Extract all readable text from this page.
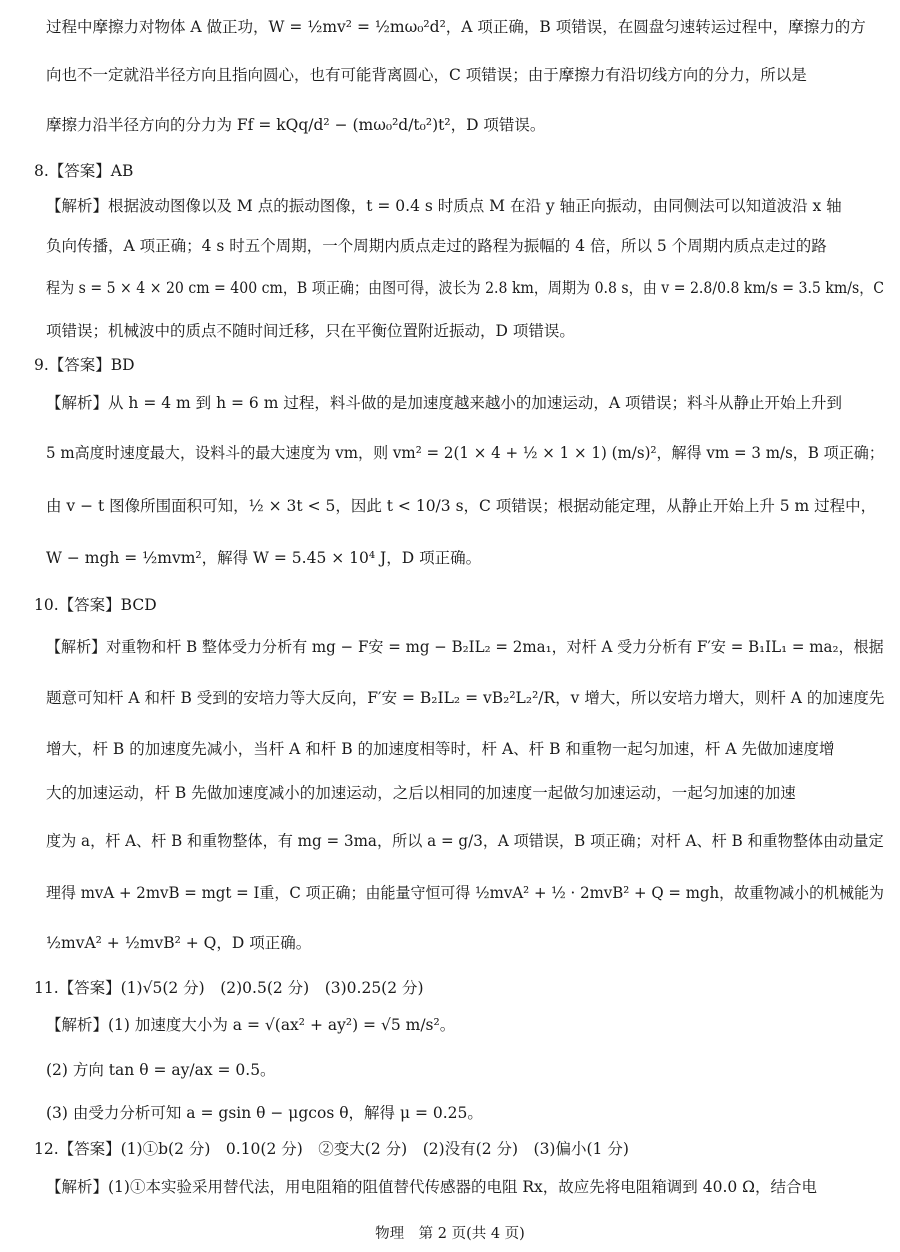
过程中摩擦力对物体 A 做正功，W = ½mv² = ½mω₀²d²，A 项正确，B 项错误，在圆盘匀速转运过程中，摩擦力的方
向也不一定就沿半径方向且指向圆心，也有可能背离圆心，C 项错误；由于摩擦力有沿切线方向的分力，所以是
摩擦力沿半径方向的分力为 Ff = kQq/d² − (mω₀²d/t₀²)t²，D 项错误。
8.【答案】AB
【解析】根据波动图像以及 M 点的振动图像，t = 0.4 s 时质点 M 在沿 y 轴正向振动，由同侧法可以知道波沿 x 轴
负向传播，A 项正确；4 s 时五个周期，一个周期内质点走过的路程为振幅的 4 倍，所以 5 个周期内质点走过的路
程为 s = 5 × 4 × 20 cm = 400 cm，B 项正确；由图可得，波长为 2.8 km，周期为 0.8 s，由 v = 2.8/0.8 km/s = 3.5 km/s，C
项错误；机械波中的质点不随时间迁移，只在平衡位置附近振动，D 项错误。
9.【答案】BD
【解析】从 h = 4 m 到 h = 6 m 过程，料斗做的是加速度越来越小的加速运动，A 项错误；料斗从静止开始上升到
5 m高度时速度最大，设料斗的最大速度为 vm，则 vm² = 2(1 × 4 + ½ × 1 × 1) (m/s)²，解得 vm = 3 m/s，B 项正确；
由 v − t 图像所围面积可知，½ × 3t < 5，因此 t < 10/3 s，C 项错误；根据动能定理，从静止开始上升 5 m 过程中，
W − mgh = ½mvm²，解得 W = 5.45 × 10⁴ J，D 项正确。
10.【答案】BCD
【解析】对重物和杆 B 整体受力分析有 mg − F安 = mg − B₂IL₂ = 2ma₁，对杆 A 受力分析有 F′安 = B₁IL₁ = ma₂，根据
题意可知杆 A 和杆 B 受到的安培力等大反向，F′安 = B₂IL₂ = vB₂²L₂²/R，v 增大，所以安培力增大，则杆 A 的加速度先
增大，杆 B 的加速度先减小，当杆 A 和杆 B 的加速度相等时，杆 A、杆 B 和重物一起匀加速，杆 A 先做加速度增
大的加速运动，杆 B 先做加速度减小的加速运动，之后以相同的加速度一起做匀加速运动，一起匀加速的加速
度为 a，杆 A、杆 B 和重物整体，有 mg = 3ma，所以 a = g/3，A 项错误，B 项正确；对杆 A、杆 B 和重物整体由动量定
理得 mvA + 2mvB = mgt = I重，C 项正确；由能量守恒可得 ½mvA² + ½ · 2mvB² + Q = mgh，故重物减小的机械能为
½mvA² + ½mvB² + Q，D 项正确。
11.【答案】(1)√5(2 分)　(2)0.5(2 分)　(3)0.25(2 分)
【解析】(1) 加速度大小为 a = √(ax² + ay²) = √5 m/s²。
(2) 方向 tan θ = ay/ax = 0.5。
(3) 由受力分析可知 a = gsin θ − μgcos θ，解得 μ = 0.25。
12.【答案】(1)①b(2 分)　0.10(2 分)　②变大(2 分)　(2)没有(2 分)　(3)偏小(1 分)
【解析】(1)①本实验采用替代法，用电阻箱的阻值替代传感器的电阻 Rx，故应先将电阻箱调到 40.0 Ω，结合电
物理　第 2 页(共 4 页)
